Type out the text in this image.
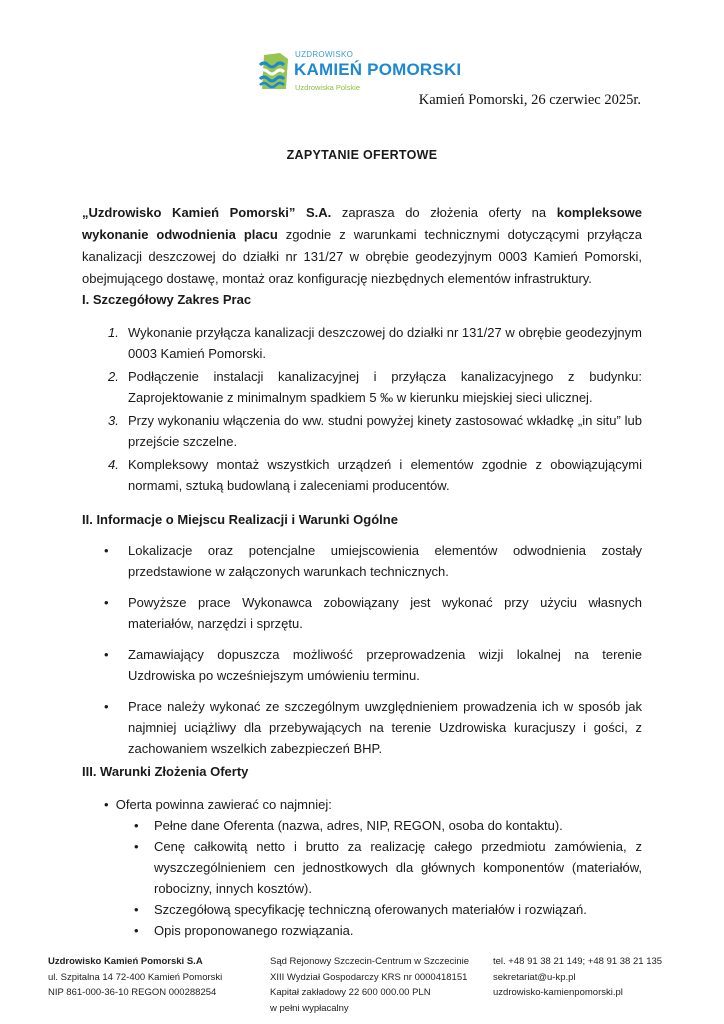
UZDROWISKO
KAMIEŃ POMORSKI
Uzdrowiska Polskie
Kamień Pomorski, 26 czerwiec 2025r.
ZAPYTANIE OFERTOWE
„Uzdrowisko Kamień Pomorski” S.A. zaprasza do złożenia oferty na kompleksowe wykonanie odwodnienia placu zgodnie z warunkami technicznymi dotyczącymi przyłącza kanalizacji deszczowej do działki nr 131/27 w obrębie geodezyjnym 0003 Kamień Pomorski, obejmującego dostawę, montaż oraz konfigurację niezbędnych elementów infrastruktury.
I. Szczegółowy Zakres Prac
1. Wykonanie przyłącza kanalizacji deszczowej do działki nr 131/27 w obrębie geodezyjnym 0003 Kamień Pomorski.
2. Podłączenie instalacji kanalizacyjnej i przyłącza kanalizacyjnego z budynku: Zaprojektowanie z minimalnym spadkiem 5 ‰ w kierunku miejskiej sieci ulicznej.
3. Przy wykonaniu włączenia do ww. studni powyżej kinety zastosować wkładkę „in situ” lub przejście szczelne.
4. Kompleksowy montaż wszystkich urządzeń i elementów zgodnie z obowiązującymi normami, sztuką budowlaną i zaleceniami producentów.
II. Informacje o Miejscu Realizacji i Warunki Ogólne
• Lokalizacje oraz potencjalne umiejscowienia elementów odwodnienia zostały przedstawione w załączonych warunkach technicznych.
• Powyższe prace Wykonawca zobowiązany jest wykonać przy użyciu własnych materiałów, narzędzi i sprzętu.
• Zamawiający dopuszcza możliwość przeprowadzenia wizji lokalnej na terenie Uzdrowiska po wcześniejszym umówieniu terminu.
• Prace należy wykonać ze szczególnym uwzględnieniem prowadzenia ich w sposób jak najmniej uciążliwy dla przebywających na terenie Uzdrowiska kuracjuszy i gości, z zachowaniem wszelkich zabezpieczeń BHP.
III. Warunki Złożenia Oferty
• Oferta powinna zawierać co najmniej:
• Pełne dane Oferenta (nazwa, adres, NIP, REGON, osoba do kontaktu).
• Cenę całkowitą netto i brutto za realizację całego przedmiotu zamówienia, z wyszczególnieniem cen jednostkowych dla głównych komponentów (materiałów, robocizny, innych kosztów).
• Szczegółową specyfikację techniczną oferowanych materiałów i rozwiązań.
• Opis proponowanego rozwiązania.
Uzdrowisko Kamień Pomorski S.A
ul. Szpitalna 14 72-400 Kamień Pomorski
NIP 861-000-36-10 REGON 000288254
Sąd Rejonowy Szczecin-Centrum w Szczecinie
XIII Wydział Gospodarczy KRS nr 0000418151
Kapitał zakładowy 22 600 000.00 PLN
w pełni wypłacalny
tel. +48 91 38 21 149; +48 91 38 21 135
sekretariat@u-kp.pl
uzdrowisko-kamienpomorski.pl
